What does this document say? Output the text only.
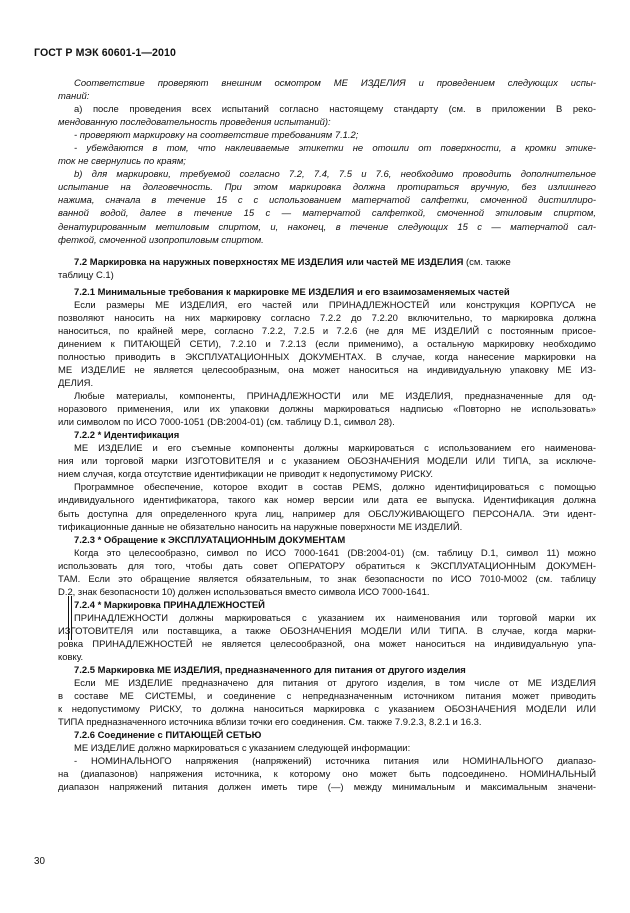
ГОСТ Р МЭК 60601-1—2010
Соответствие проверяют внешним осмотром МЕ ИЗДЕЛИЯ и проведением следующих испы-
таний:
а) после проведения всех испытаний согласно настоящему стандарту (см. в приложении В реко-
мендованную последовательность проведения испытаний):
- проверяют маркировку на соответствие требованиям 7.1.2;
- убеждаются в том, что наклеиваемые этикетки не отошли от поверхности, а кромки этике-
ток не свернулись по краям;
b) для маркировки, требуемой согласно 7.2, 7.4, 7.5 и 7.6, необходимо проводить дополнительное
испытание на долговечность. При этом маркировка должна протираться вручную, без излишнего
нажима, сначала в течение 15 с с использованием матерчатой салфетки, смоченной дистиллиро-
ванной водой, далее в течение 15 с — матерчатой салфеткой, смоченной этиловым спиртом,
денатурированным метиловым спиртом, и, наконец, в течение следующих 15 с — матерчатой сал-
феткой, смоченной изопропиловым спиртом.
7.2 Маркировка на наружных поверхностях МЕ ИЗДЕЛИЯ или частей МЕ ИЗДЕЛИЯ (см. также
таблицу С.1)
7.2.1 Минимальные требования к маркировке МЕ ИЗДЕЛИЯ и его взаимозаменяемых частей
Если размеры МЕ ИЗДЕЛИЯ, его частей или ПРИНАДЛЕЖНОСТЕЙ или конструкция КОРПУСА не
позволяют наносить на них маркировку согласно 7.2.2 до 7.2.20 включительно, то маркировка должна
наноситься, по крайней мере, согласно 7.2.2, 7.2.5 и 7.2.6 (не для МЕ ИЗДЕЛИЙ с постоянным присое-
динением к ПИТАЮЩЕЙ СЕТИ), 7.2.10 и 7.2.13 (если применимо), а остальную маркировку необходимо
полностью приводить в ЭКСПЛУАТАЦИОННЫХ ДОКУМЕНТАХ. В случае, когда нанесение маркировки на
МЕ ИЗДЕЛИЕ не является целесообразным, она может наноситься на индивидуальную упаковку МЕ ИЗ-
ДЕЛИЯ.
Любые материалы, компоненты, ПРИНАДЛЕЖНОСТИ или МЕ ИЗДЕЛИЯ, предназначенные для од-
норазового применения, или их упаковки должны маркироваться надписью «Повторно не использовать»
или символом по ИСО 7000-1051 (DB:2004-01) (см. таблицу D.1, символ 28).
7.2.2 * Идентификация
МЕ ИЗДЕЛИЕ и его съемные компоненты должны маркироваться с использованием его наименова-
ния или торговой марки ИЗГОТОВИТЕЛЯ и с указанием ОБОЗНАЧЕНИЯ МОДЕЛИ ИЛИ ТИПА, за исключе-
нием случая, когда отсутствие идентификации не приводит к недопустимому РИСКУ.
Программное обеспечение, которое входит в состав PEMS, должно идентифицироваться с помощью
индивидуального идентификатора, такого как номер версии или дата ее выпуска. Идентификация должна
быть доступна для определенного круга лиц, например для ОБСЛУЖИВАЮЩЕГО ПЕРСОНАЛА. Эти идент-
тификационные данные не обязательно наносить на наружные поверхности МЕ ИЗДЕЛИЙ.
7.2.3 * Обращение к ЭКСПЛУАТАЦИОННЫМ ДОКУМЕНТАМ
Когда это целесообразно, символ по ИСО 7000-1641 (DB:2004-01) (см. таблицу D.1, символ 11) можно
использовать для того, чтобы дать совет ОПЕРАТОРУ обратиться к ЭКСПЛУАТАЦИОННЫМ ДОКУМЕН-
ТАМ. Если это обращение является обязательным, то знак безопасности по ИСО 7010-М002 (см. таблицу
D.2, знак безопасности 10) должен использоваться вместо символа ИСО 7000-1641.
7.2.4 * Маркировка ПРИНАДЛЕЖНОСТЕЙ
ПРИНАДЛЕЖНОСТИ должны маркироваться с указанием их наименования или торговой марки их
ИЗГОТОВИТЕЛЯ или поставщика, а также ОБОЗНАЧЕНИЯ МОДЕЛИ ИЛИ ТИПА. В случае, когда марки-
ровка ПРИНАДЛЕЖНОСТЕЙ не является целесообразной, она может наноситься на индивидуальную упа-
ковку.
7.2.5 Маркировка МЕ ИЗДЕЛИЯ, предназначенного для питания от другого изделия
Если МЕ ИЗДЕЛИЕ предназначено для питания от другого изделия, в том числе от МЕ ИЗДЕЛИЯ
в составе МЕ СИСТЕМЫ, и соединение с непредназначенным источником питания может приводить
к недопустимому РИСКУ, то должна наноситься маркировка с указанием ОБОЗНАЧЕНИЯ МОДЕЛИ ИЛИ
ТИПА предназначенного источника вблизи точки его соединения. См. также 7.9.2.3, 8.2.1 и 16.3.
7.2.6 Соединение с ПИТАЮЩЕЙ СЕТЬЮ
МЕ ИЗДЕЛИЕ должно маркироваться с указанием следующей информации:
- НОМИНАЛЬНОГО напряжения (напряжений) источника питания или НОМИНАЛЬНОГО диапазо-
на (диапазонов) напряжения источника, к которому оно может быть подсоединено. НОМИНАЛЬНЫЙ
диапазон напряжений питания должен иметь тире (—) между минимальным и максимальным значени-
30
